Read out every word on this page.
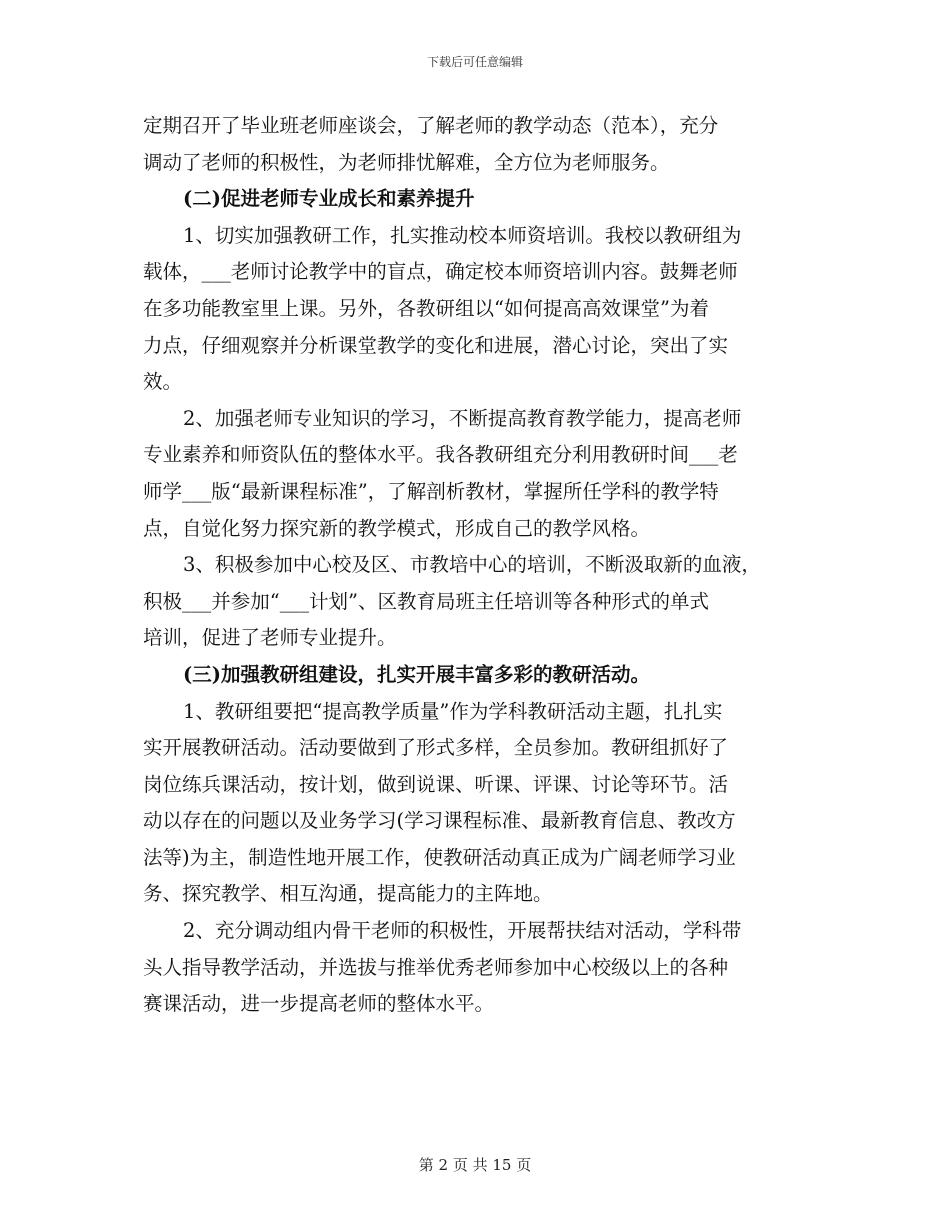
下载后可任意编辑
定期召开了毕业班老师座谈会，了解老师的教学动态（范本），充分
调动了老师的积极性，为老师排忧解难，全方位为老师服务。
(二)促进老师专业成长和素养提升
1、切实加强教研工作，扎实推动校本师资培训。我校以教研组为
载体，___老师讨论教学中的盲点，确定校本师资培训内容。鼓舞老师
在多功能教室里上课。另外，各教研组以“如何提高高效课堂”为着
力点，仔细观察并分析课堂教学的变化和进展，潜心讨论，突出了实
效。
2、加强老师专业知识的学习，不断提高教育教学能力，提高老师
专业素养和师资队伍的整体水平。我各教研组充分利用教研时间___老
师学___版“最新课程标准”，了解剖析教材，掌握所任学科的教学特
点，自觉化努力探究新的教学模式，形成自己的教学风格。
3、积极参加中心校及区、市教培中心的培训，不断汲取新的血液，
积极___并参加“___计划”、区教育局班主任培训等各种形式的单式
培训，促进了老师专业提升。
(三)加强教研组建设，扎实开展丰富多彩的教研活动。
1、教研组要把“提高教学质量”作为学科教研活动主题，扎扎实
实开展教研活动。活动要做到了形式多样，全员参加。教研组抓好了
岗位练兵课活动，按计划，做到说课、听课、评课、讨论等环节。活
动以存在的问题以及业务学习(学习课程标准、最新教育信息、教改方
法等)为主，制造性地开展工作，使教研活动真正成为广阔老师学习业
务、探究教学、相互沟通，提高能力的主阵地。
2、充分调动组内骨干老师的积极性，开展帮扶结对活动，学科带
头人指导教学活动，并选拔与推举优秀老师参加中心校级以上的各种
赛课活动，进一步提高老师的整体水平。
第 2 页 共 15 页
